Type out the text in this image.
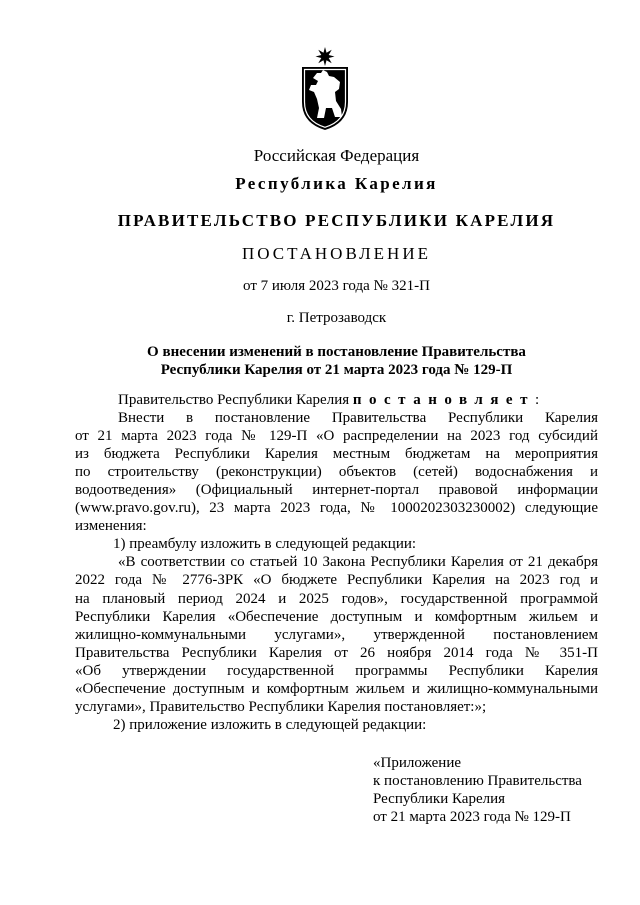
Российская Федерация
Республика Карелия
ПРАВИТЕЛЬСТВО РЕСПУБЛИКИ КАРЕЛИЯ
ПОСТАНОВЛЕНИЕ
от 7 июля 2023 года № 321-П
г. Петрозаводск
О внесении изменений в постановление Правительства
Республики Карелия от 21 марта 2023 года № 129-П
Правительство Республики Карелия постановляет:
Внести в постановление Правительства Республики Карелия
от 21 марта 2023 года № 129-П «О распределении на 2023 год субсидий
из бюджета Республики Карелия местным бюджетам на мероприятия
по строительству (реконструкции) объектов (сетей) водоснабжения и
водоотведения» (Официальный интернет-портал правовой информации
(www.pravo.gov.ru), 23 марта 2023 года, № 1000202303230002) следующие
изменения:
1) преамбулу изложить в следующей редакции:
«В соответствии со статьей 10 Закона Республики Карелия от 21 декабря
2022 года № 2776-ЗРК «О бюджете Республики Карелия на 2023 год и
на плановый период 2024 и 2025 годов», государственной программой
Республики Карелия «Обеспечение доступным и комфортным жильем и
жилищно-коммунальными услугами», утвержденной постановлением
Правительства Республики Карелия от 26 ноября 2014 года № 351-П
«Об утверждении государственной программы Республики Карелия
«Обеспечение доступным и комфортным жильем и жилищно-коммунальными
услугами», Правительство Республики Карелия постановляет:»;
2) приложение изложить в следующей редакции:
«Приложение
к постановлению Правительства
Республики Карелия
от 21 марта 2023 года № 129-П
